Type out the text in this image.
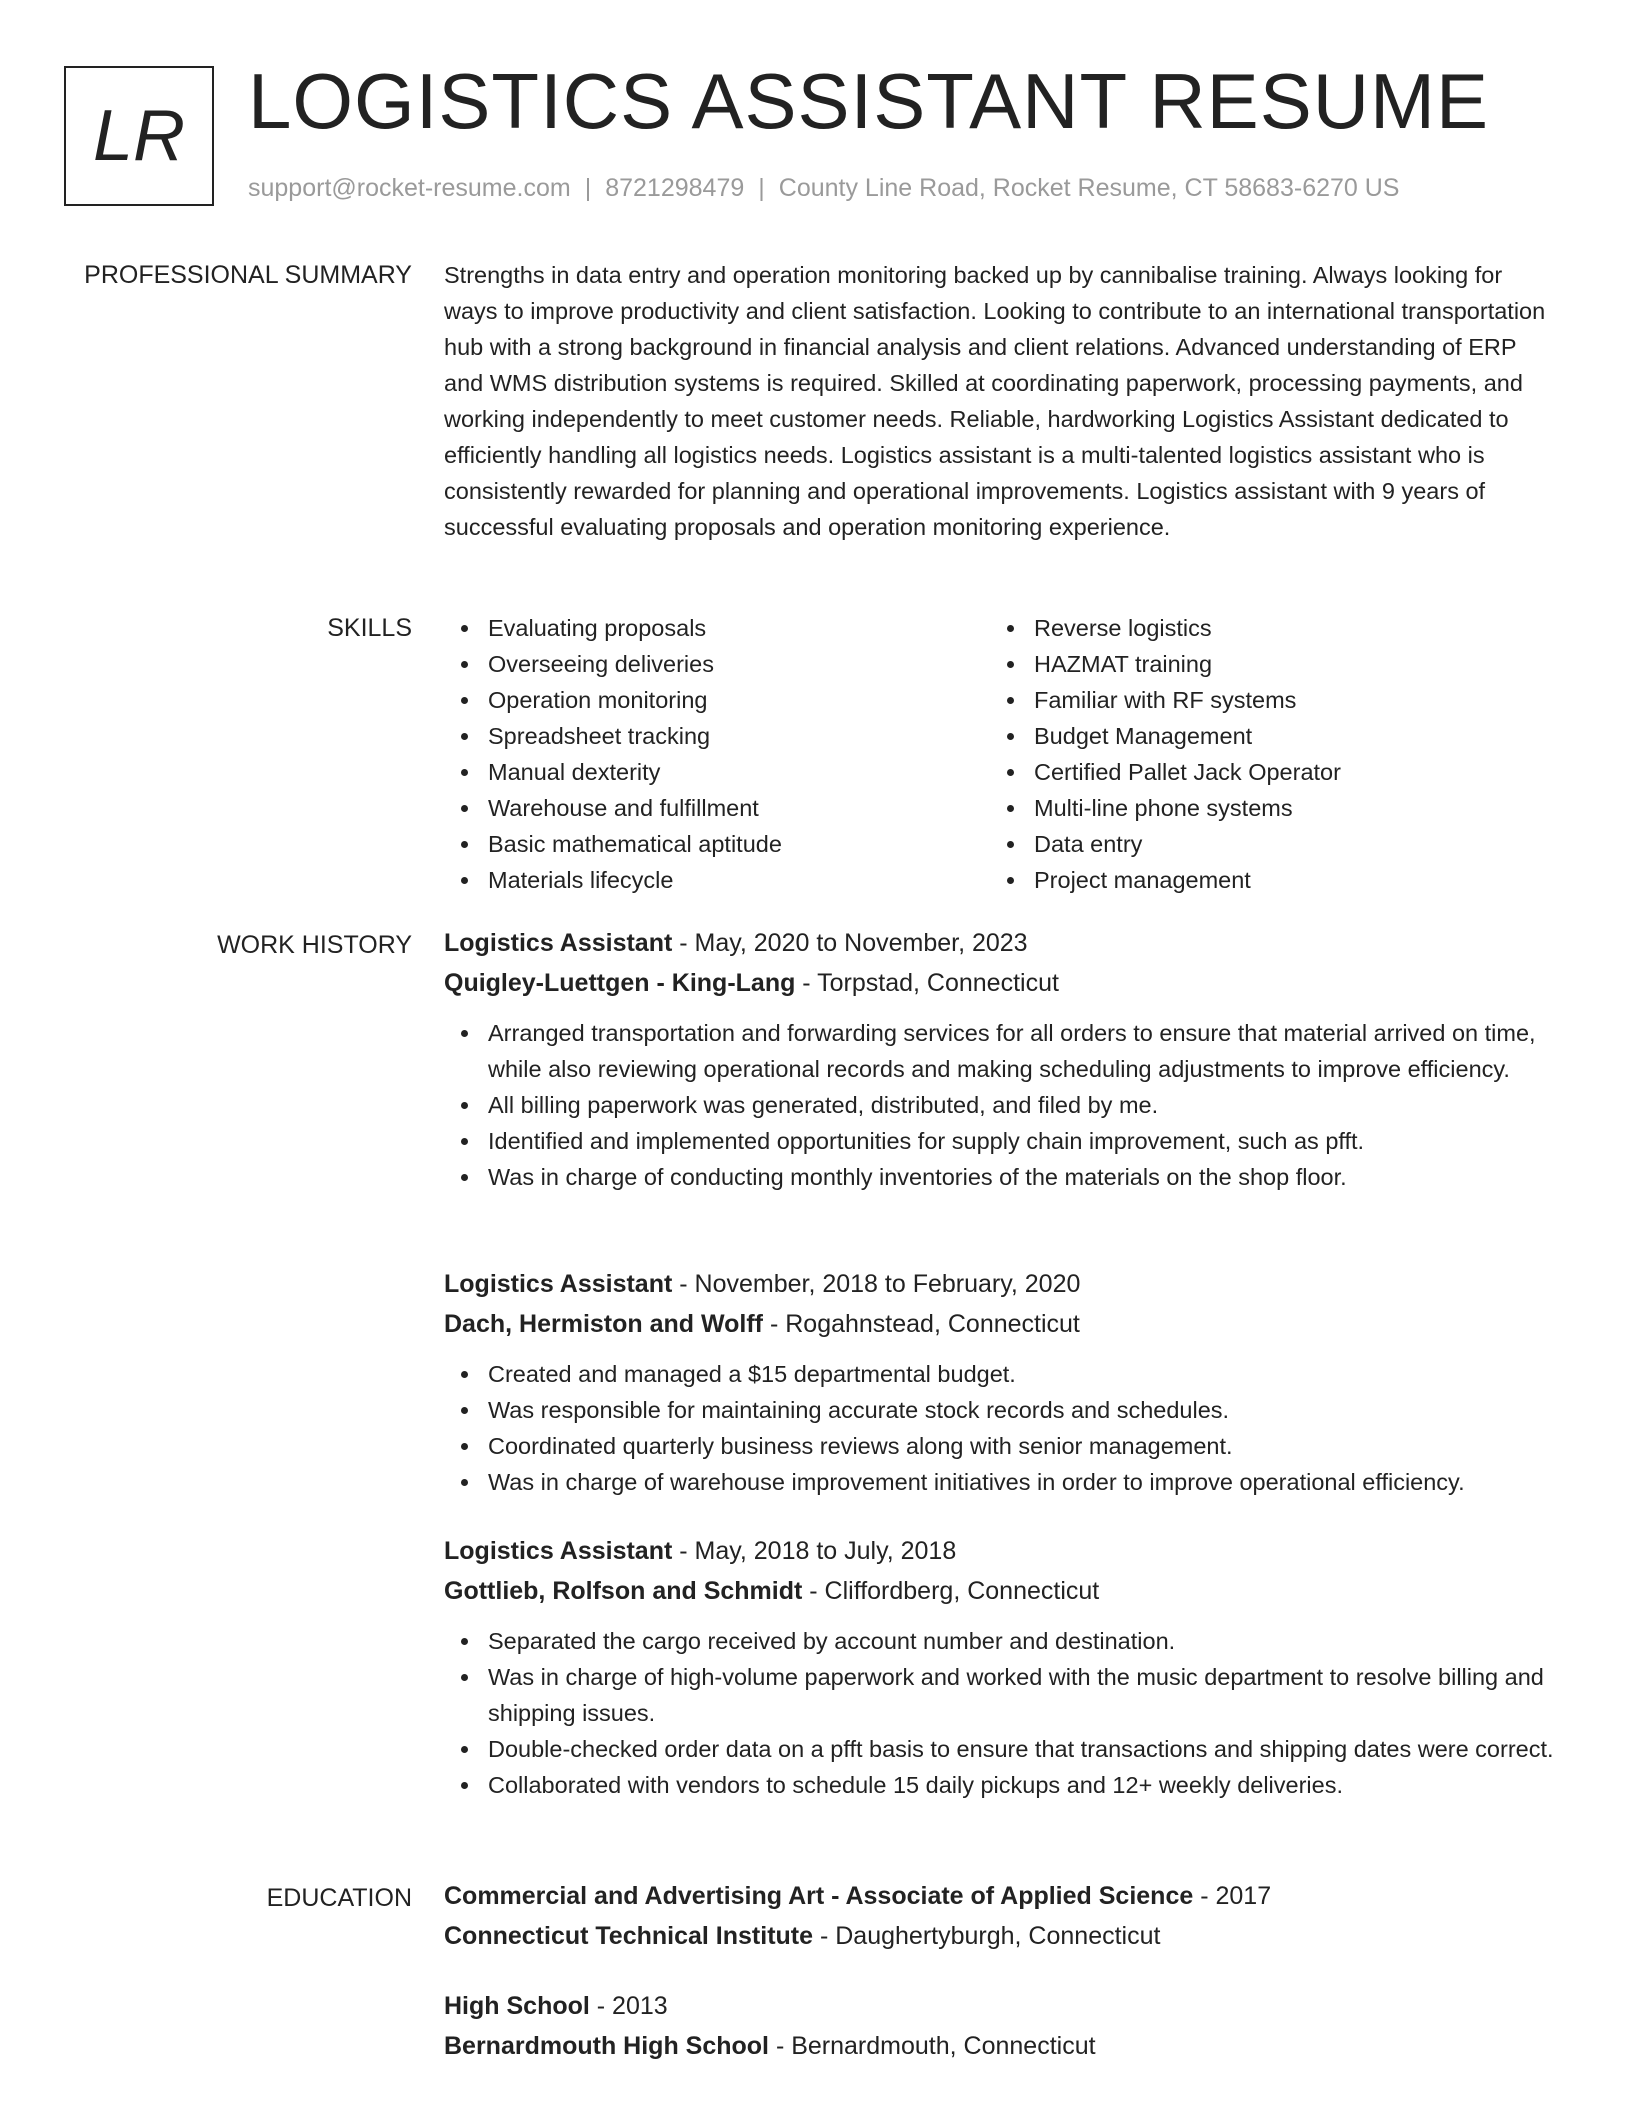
LR LOGISTICS ASSISTANT RESUME
support@rocket-resume.com | 8721298479 | County Line Road, Rocket Resume, CT 58683-6270 US
PROFESSIONAL SUMMARY Strengths in data entry and operation monitoring backed up by cannibalise training. Always looking for ways to improve productivity and client satisfaction. Looking to contribute to an international transportation hub with a strong background in financial analysis and client relations. Advanced understanding of ERP and WMS distribution systems is required. Skilled at coordinating paperwork, processing payments, and working independently to meet customer needs. Reliable, hardworking Logistics Assistant dedicated to efficiently handling all logistics needs. Logistics assistant is a multi-talented logistics assistant who is consistently rewarded for planning and operational improvements. Logistics assistant with 9 years of successful evaluating proposals and operation monitoring experience.

SKILLS	Evaluating proposals
Overseeing deliveries
Operation monitoring
Spreadsheet tracking
Manual dexterity
Warehouse and fulfillment
Basic mathematical aptitude
Materials lifecycle
Reverse logistics
HAZMAT training
Familiar with RF systems
Budget Management
Certified Pallet Jack Operator
Multi-line phone systems
Data entry
Project management
WORK HISTORY Logistics Assistant - May, 2020 to November, 2023
Quigley-Luettgen - King-Lang - Torpstad, Connecticut
Arranged transportation and forwarding services for all orders to ensure that material arrived on time, while also reviewing operational records and making scheduling adjustments to improve efficiency.
All billing paperwork was generated, distributed, and filed by me.
Identified and implemented opportunities for supply chain improvement, such as pfft.
Was in charge of conducting monthly inventories of the materials on the shop floor.
Logistics Assistant - November, 2018 to February, 2020
Dach, Hermiston and Wolff - Rogahnstead, Connecticut
Created and managed a $15 departmental budget.
Was responsible for maintaining accurate stock records and schedules.
Coordinated quarterly business reviews along with senior management.
Was in charge of warehouse improvement initiatives in order to improve operational efficiency.
Logistics Assistant - May, 2018 to July, 2018
Gottlieb, Rolfson and Schmidt - Cliffordberg, Connecticut
Separated the cargo received by account number and destination.
Was in charge of high-volume paperwork and worked with the music department to resolve billing and shipping issues.
Double-checked order data on a pfft basis to ensure that transactions and shipping dates were correct.
Collaborated with vendors to schedule 15 daily pickups and 12+ weekly deliveries.
EDUCATION Commercial and Advertising Art - Associate of Applied Science - 2017
Connecticut Technical Institute - Daughertyburgh, Connecticut
High School - 2013
Bernardmouth High School - Bernardmouth, Connecticut
